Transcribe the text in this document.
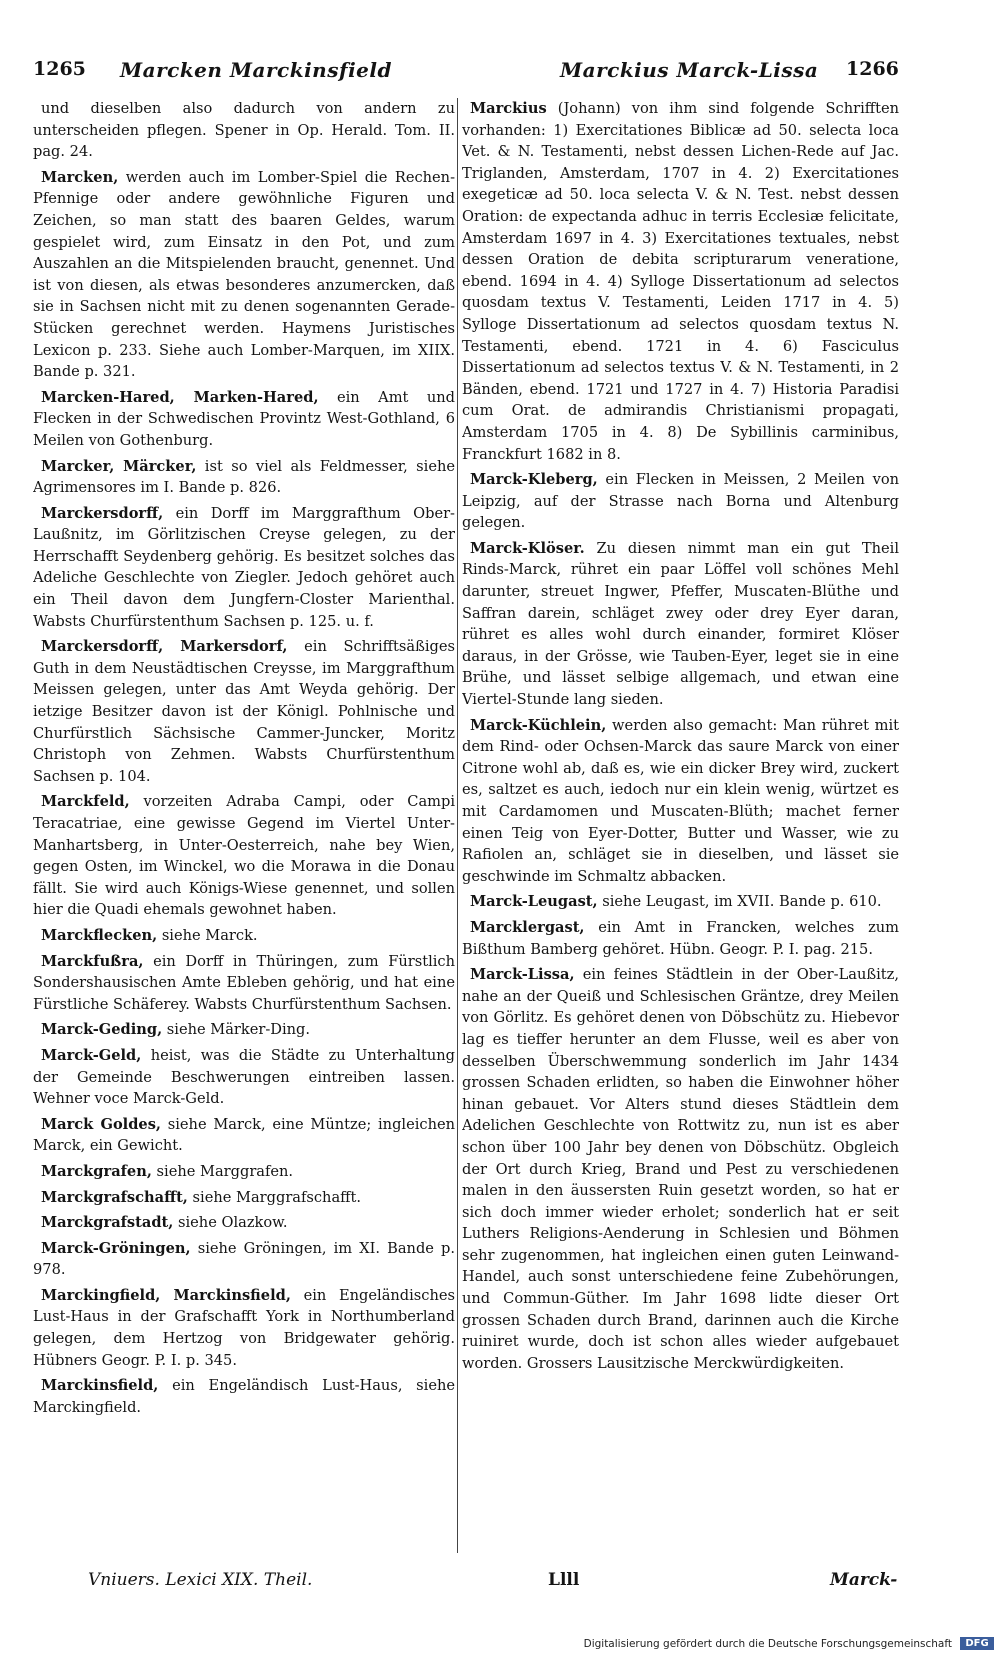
1265 Marcken Marckinsfield	Marckius Marck-Lissa 1266

und dieselben also dadurch von andern zu unterscheiden pflegen. Spener in Op. Herald. Tom. II. pag. 24.

Marcken, werden auch im Lomber-Spiel die Rechen-Pfennige oder andere gewöhnliche Figuren und Zeichen, so man statt des baaren Geldes, warum gespielet wird, zum Einsatz in den Pot, und zum Auszahlen an die Mitspielenden braucht, genennet. Und ist von diesen, als etwas besonderes anzumercken, daß sie in Sachsen nicht mit zu denen sogenannten Gerade-Stücken gerechnet werden. Haymens Juristisches Lexicon p. 233. Siehe auch Lomber-Marquen, im XIIX. Bande p. 321.

Marcken-Hared, Marken-Hared, ein Amt und Flecken in der Schwedischen Provintz West-Gothland, 6 Meilen von Gothenburg.

Marcker, Märcker, ist so viel als Feldmesser, siehe Agrimensores im I. Bande p. 826.

Marckersdorff, ein Dorff im Marggrafthum Ober-Laußnitz, im Görlitzischen Creyse gelegen, zu der Herrschafft Seydenberg gehörig. Es besitzet solches das Adeliche Geschlechte von Ziegler. Jedoch gehöret auch ein Theil davon dem Jungfern-Closter Marienthal. Wabsts Churfürstenthum Sachsen p. 125. u. f.

Marckersdorff, Markersdorf, ein Schrifftsäßiges Guth in dem Neustädtischen Creysse, im Marggrafthum Meissen gelegen, unter das Amt Weyda gehörig. Der ietzige Besitzer davon ist der Königl. Pohlnische und Churfürstlich Sächsische Cammer-Juncker, Moritz Christoph von Zehmen. Wabsts Churfürstenthum Sachsen p. 104.

Marckfeld, vorzeiten Adraba Campi, oder Campi Teracatriae, eine gewisse Gegend im Viertel Unter-Manhartsberg, in Unter-Oesterreich, nahe bey Wien, gegen Osten, im Winckel, wo die Morawa in die Donau fällt. Sie wird auch Königs-Wiese genennet, und sollen hier die Quadi ehemals gewohnet haben.

Marckflecken, siehe Marck.

Marckfußra, ein Dorff in Thüringen, zum Fürstlich Sondershausischen Amte Ebleben gehörig, und hat eine Fürstliche Schäferey. Wabsts Churfürstenthum Sachsen.

Marck-Geding, siehe Märker-Ding.

Marck-Geld, heist, was die Städte zu Unterhaltung der Gemeinde Beschwerungen eintreiben lassen. Wehner voce Marck-Geld.

Marck Goldes, siehe Marck, eine Müntze; ingleichen Marck, ein Gewicht.

Marckgrafen, siehe Marggrafen.

Marckgrafschafft, siehe Marggrafschafft.

Marckgrafstadt, siehe Olazkow.

Marck-Gröningen, siehe Gröningen, im XI. Bande p. 978.

Marckingfield, Marckinsfield, ein Engeländisches Lust-Haus in der Grafschafft York in Northumberland gelegen, dem Hertzog von Bridgewater gehörig. Hübners Geogr. P. I. p. 345.

Marckinsfield, ein Engeländisch Lust-Haus, siehe Marckingfield.

Marckius (Johann) von ihm sind folgende Schrifften vorhanden: 1) Exercitationes Biblicæ ad 50. selecta loca Vet. & N. Testamenti, nebst dessen Lichen-Rede auf Jac. Triglanden, Amsterdam, 1707 in 4. 2) Exercitationes exegeticæ ad 50. loca selecta V. & N. Test. nebst dessen Oration: de expectanda adhuc in terris Ecclesiæ felicitate, Amsterdam 1697 in 4. 3) Exercitationes textuales, nebst dessen Oration de debita scripturarum veneratione, ebend. 1694 in 4. 4) Sylloge Dissertationum ad selectos quosdam textus V. Testamenti, Leiden 1717 in 4. 5) Sylloge Dissertationum ad selectos quosdam textus N. Testamenti, ebend. 1721 in 4. 6) Fasciculus Dissertationum ad selectos textus V. & N. Testamenti, in 2 Bänden, ebend. 1721 und 1727 in 4. 7) Historia Paradisi cum Orat. de admirandis Christianismi propagati, Amsterdam 1705 in 4. 8) De Sybillinis carminibus, Franckfurt 1682 in 8.

Marck-Kleberg, ein Flecken in Meissen, 2 Meilen von Leipzig, auf der Strasse nach Borna und Altenburg gelegen.

Marck-Klöser. Zu diesen nimmt man ein gut Theil Rinds-Marck, rühret ein paar Löffel voll schönes Mehl darunter, streuet Ingwer, Pfeffer, Muscaten-Blüthe und Saffran darein, schläget zwey oder drey Eyer daran, rühret es alles wohl durch einander, formiret Klöser daraus, in der Grösse, wie Tauben-Eyer, leget sie in eine Brühe, und lässet selbige allgemach, und etwan eine Viertel-Stunde lang sieden.

Marck-Küchlein, werden also gemacht: Man rühret mit dem Rind- oder Ochsen-Marck das saure Marck von einer Citrone wohl ab, daß es, wie ein dicker Brey wird, zuckert es, saltzet es auch, iedoch nur ein klein wenig, würtzet es mit Cardamomen und Muscaten-Blüth; machet ferner einen Teig von Eyer-Dotter, Butter und Wasser, wie zu Rafiolen an, schläget sie in dieselben, und lässet sie geschwinde im Schmaltz abbacken.

Marck-Leugast, siehe Leugast, im XVII. Bande p. 610.

Marcklergast, ein Amt in Francken, welches zum Bißthum Bamberg gehöret. Hübn. Geogr. P. I. pag. 215.

Marck-Lissa, ein feines Städtlein in der Ober-Laußitz, nahe an der Queiß und Schlesischen Gräntze, drey Meilen von Görlitz. Es gehöret denen von Döbschütz zu. Hiebevor lag es tieffer herunter an dem Flusse, weil es aber von desselben Überschwemmung sonderlich im Jahr 1434 grossen Schaden erlidten, so haben die Einwohner höher hinan gebauet. Vor Alters stund dieses Städtlein dem Adelichen Geschlechte von Rottwitz zu, nun ist es aber schon über 100 Jahr bey denen von Döbschütz. Obgleich der Ort durch Krieg, Brand und Pest zu verschiedenen malen in den äussersten Ruin gesetzt worden, so hat er sich doch immer wieder erholet; sonderlich hat er seit Luthers Religions-Aenderung in Schlesien und Böhmen sehr zugenommen, hat ingleichen einen guten Leinwand-Handel, auch sonst unterschiedene feine Zubehörungen, und Commun-Güther. Im Jahr 1698 lidte dieser Ort grossen Schaden durch Brand, darinnen auch die Kirche ruiniret wurde, doch ist schon alles wieder aufgebauet worden. Grossers Lausitzische Merckwürdigkeiten.

Vniuers. Lexici XIX. Theil.	Llll	Marck-
Digitalisierung gefördert durch die Deutsche Forschungsgemeinschaft	DFG
